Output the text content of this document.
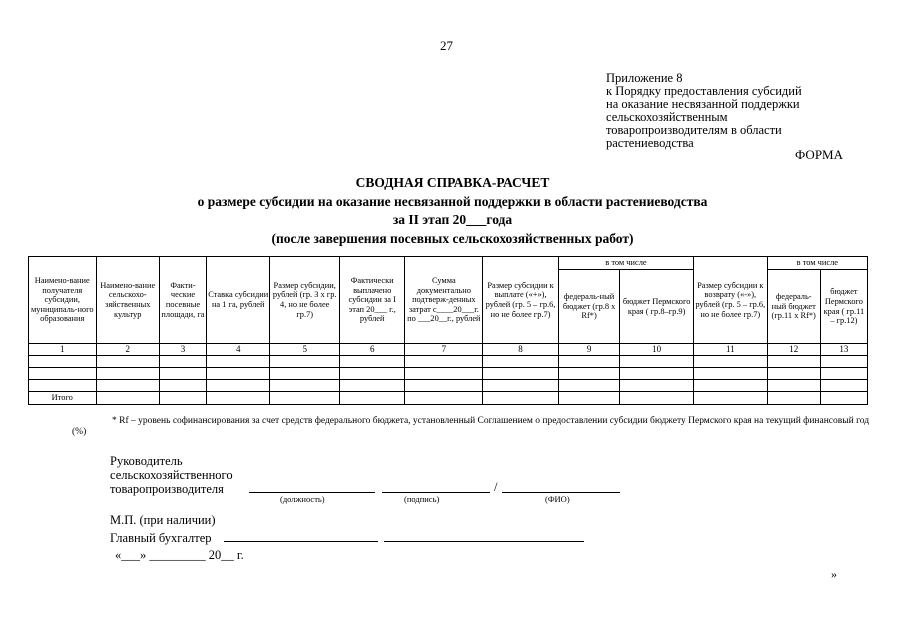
27
Приложение 8
к Порядку предоставления субсидий
на оказание несвязанной поддержки
сельскохозяйственным
товаропроизводителям в области
растениеводства
ФОРМА
СВОДНАЯ СПРАВКА-РАСЧЕТ
о размере субсидии на оказание несвязанной поддержки в области растениеводства
за II этап 20___года
(после завершения посевных сельскохозяйственных работ)
Наимено-вание получателя субсидии, муниципаль-ного образования	Наимено-вание сельскохо-зяйственных культур	Факти-ческие посевные площади, га	Ставка субсидии на 1 га, рублей	Размер субсидии, рублей (гр. 3 х гр. 4, но не более гр.7)	Фактически выплачено субсидии за I этап 20___ г., рублей	Сумма документально подтверж-денных затрат с____20___г. по ___20__г., рублей	Размер субсидии к выплате («+»), рублей (гр. 5 – гр.6, но не более гр.7)	в том числе		Размер субсидии к возврату («-»), рублей (гр. 5 – гр.6, но не более гр.7)	в том числе	
								федераль-ный бюджет (гр.8 х Rf*)	бюджет Пермского края ( гр.8–гр.9)		федераль-ный бюджет (гр.11 х Rf*)	бюджет Пермского края ( гр.11 – гр.12)
1	2	3	4	5	6	7	8	9	10	11	12	13

Итого												
* Rf – уровень софинансирования за счет средств федерального бюджета, установленный Соглашением о предоставлении субсидии бюджету Пермского края на текущий финансовый год (%)
Руководитель
сельскохозяйственного
товаропроизводителя	/
(должность)	(подпись)	(ФИО)
М.П. (при наличии)
Главный бухгалтер
«___» _________ 20__ г.
»
